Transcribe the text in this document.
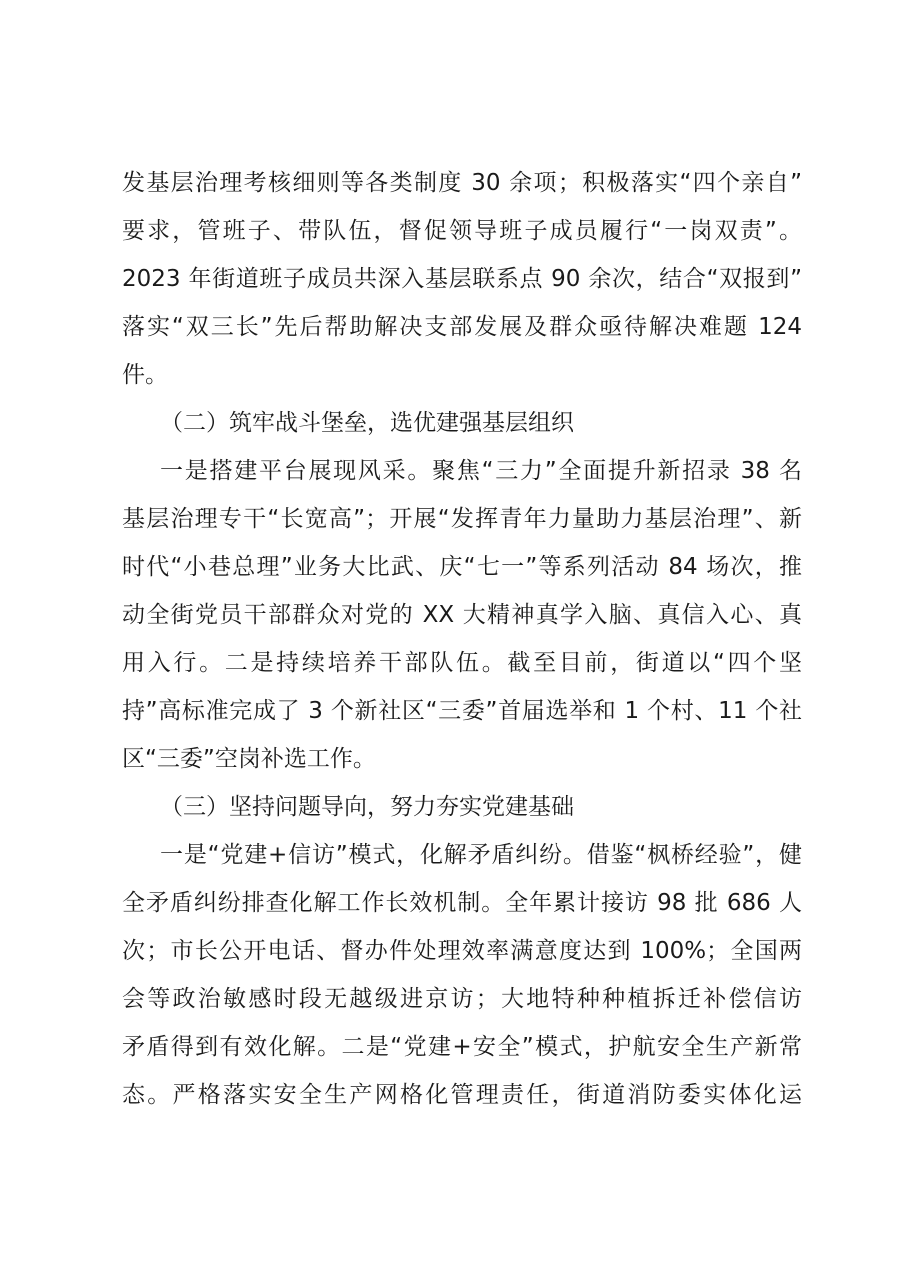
发基层治理考核细则等各类制度 30 余项；积极落实“四个亲自”
要求，管班子、带队伍，督促领导班子成员履行“一岗双责”。
2023 年街道班子成员共深入基层联系点 90 余次，结合“双报到”
落实“双三长”先后帮助解决支部发展及群众亟待解决难题 124
件。
（二）筑牢战斗堡垒，选优建强基层组织
一是搭建平台展现风采。聚焦“三力”全面提升新招录 38 名
基层治理专干“长宽高”；开展“发挥青年力量助力基层治理”、新
时代“小巷总理”业务大比武、庆“七一”等系列活动 84 场次，推
动全街党员干部群众对党的 XX 大精神真学入脑、真信入心、真
用入行。二是持续培养干部队伍。截至目前，街道以“四个坚
持”高标准完成了 3 个新社区“三委”首届选举和 1 个村、11 个社
区“三委”空岗补选工作。
（三）坚持问题导向，努力夯实党建基础
一是“党建+信访”模式，化解矛盾纠纷。借鉴“枫桥经验”，健
全矛盾纠纷排查化解工作长效机制。全年累计接访 98 批 686 人
次；市长公开电话、督办件处理效率满意度达到 100%；全国两
会等政治敏感时段无越级进京访；大地特种种植拆迁补偿信访
矛盾得到有效化解。二是“党建+安全”模式，护航安全生产新常
态。严格落实安全生产网格化管理责任，街道消防委实体化运
